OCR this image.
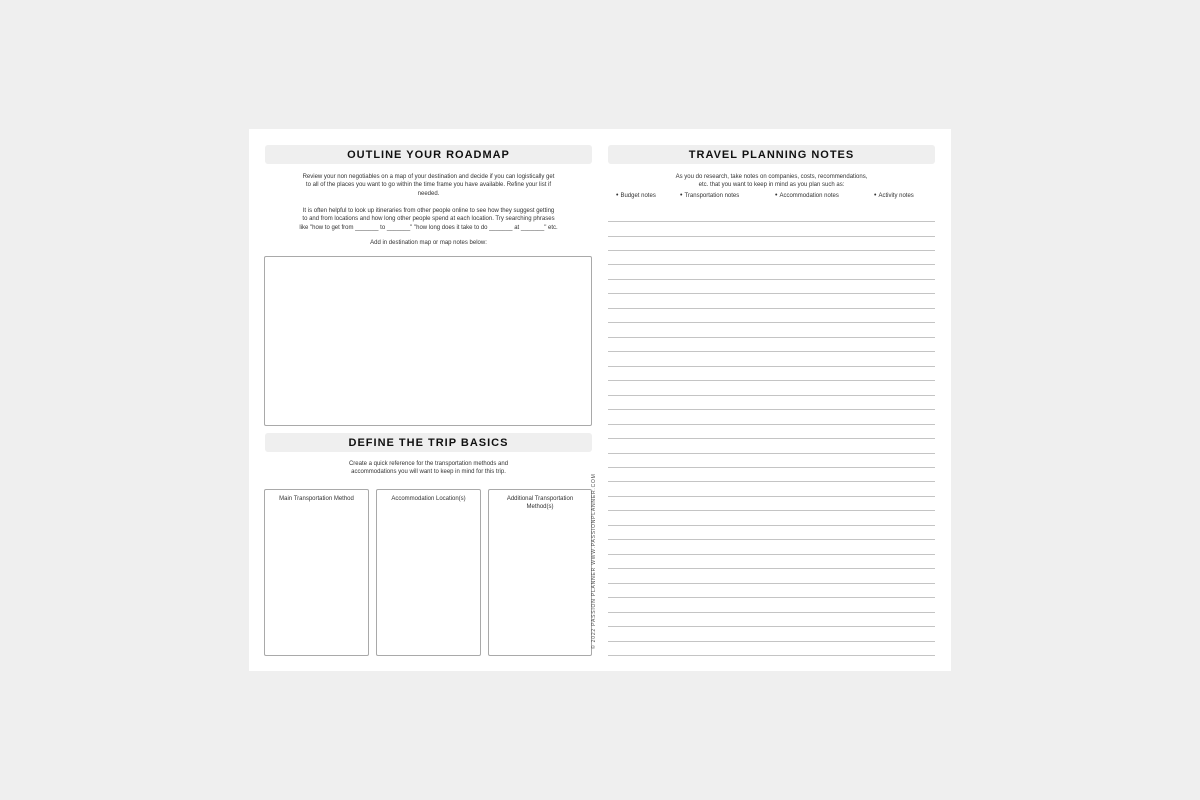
OUTLINE YOUR ROADMAP
Review your non negotiables on a map of your destination and decide if you can logistically get
to all of the places you want to go within the time frame you have available. Refine your list if
needed.
It is often helpful to look up itineraries from other people online to see how they suggest getting
to and from locations and how long other people spend at each location. Try searching phrases
like "how to get from _______ to _______" "how long does it take to do _______ at _______" etc.
Add in destination map or map notes below:
DEFINE THE TRIP BASICS
Create a quick reference for the transportation methods and
accommodations you will want to keep in mind for this trip.
Main Transportation Method	Accommodation Location(s)	Additional Transportation Method(s)	© 2022 PASSION PLANNER WWW.PASSIONPLANNER.COM
TRAVEL PLANNING NOTES
As you do research, take notes on companies, costs, recommendations,
etc. that you want to keep in mind as you plan such as:
• Budget notes	• Transportation notes	• Accommodation notes	• Activity notes
